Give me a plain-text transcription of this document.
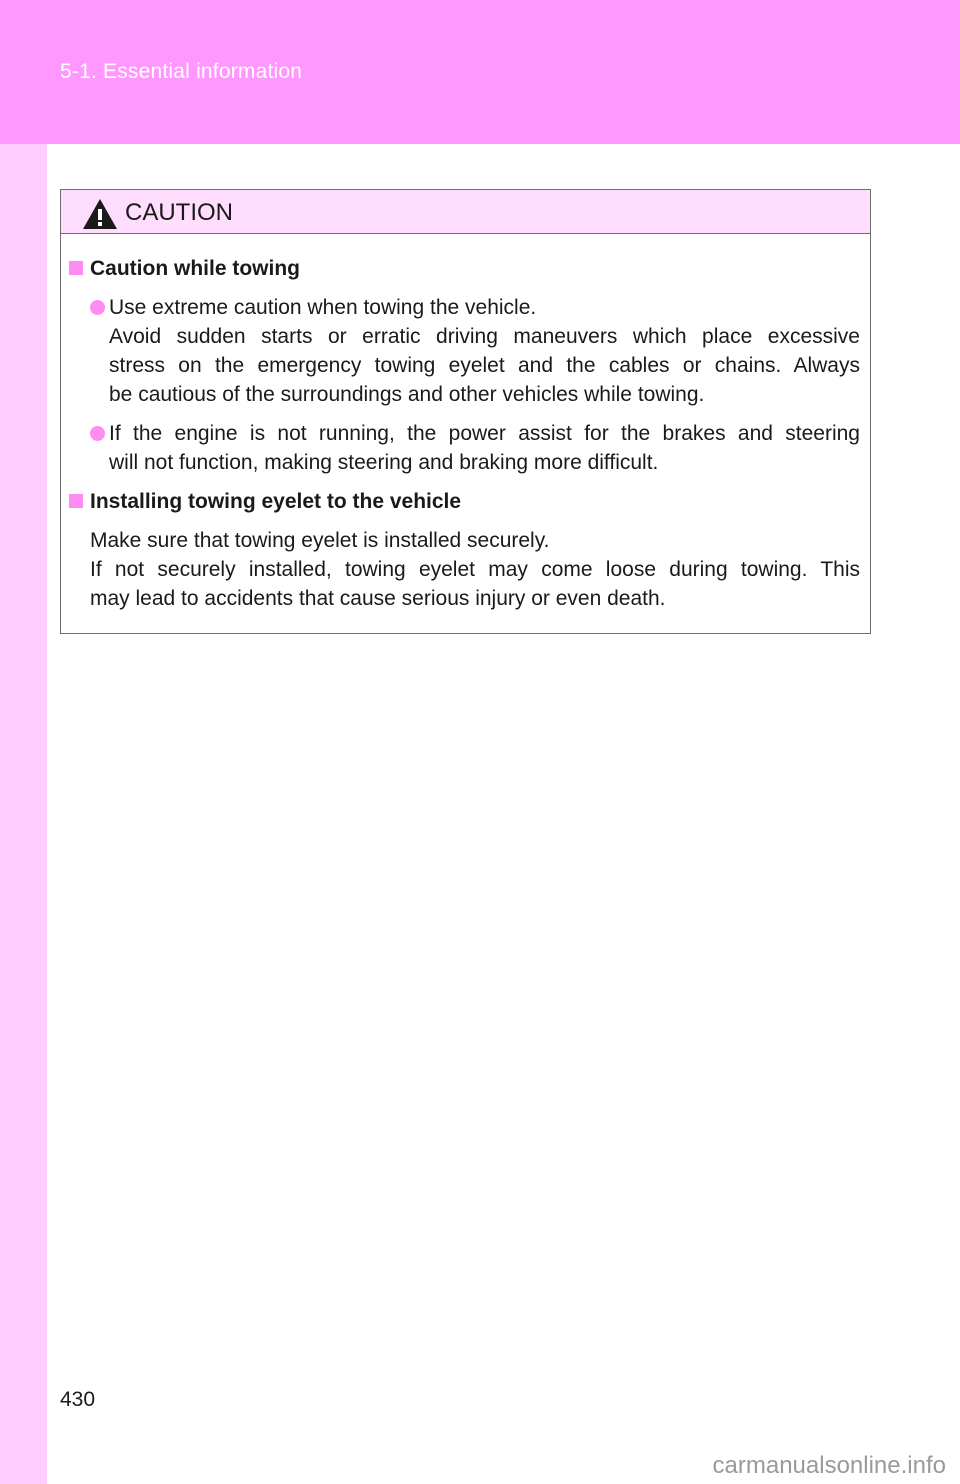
5-1. Essential information
CAUTION
Caution while towing
Use extreme caution when towing the vehicle.
Avoid sudden starts or erratic driving maneuvers which place excessive
stress on the emergency towing eyelet and the cables or chains. Always
be cautious of the surroundings and other vehicles while towing.
If the engine is not running, the power assist for the brakes and steering
will not function, making steering and braking more difficult.
Installing towing eyelet to the vehicle
Make sure that towing eyelet is installed securely.
If not securely installed, towing eyelet may come loose during towing. This
may lead to accidents that cause serious injury or even death.
430
carmanualsonline.info
